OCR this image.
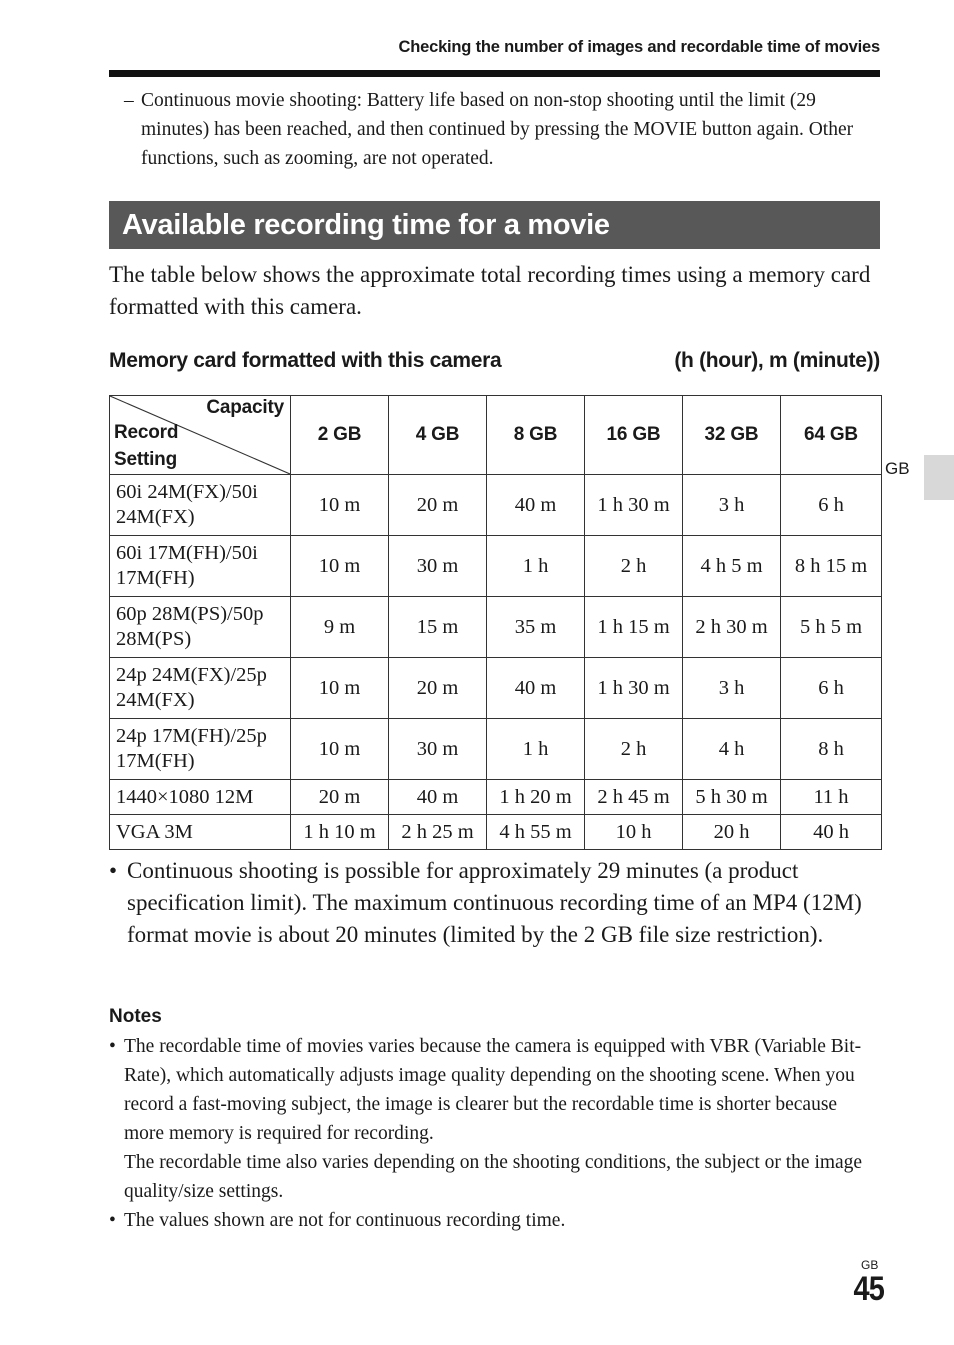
Checking the number of images and recordable time of movies
– Continuous movie shooting: Battery life based on non-stop shooting until the limit (29 minutes) has been reached, and then continued by pressing the MOVIE button again. Other functions, such as zooming, are not operated.
Available recording time for a movie
The table below shows the approximate total recording times using a memory card formatted with this camera.
Memory card formatted with this camera	(h (hour), m (minute))
Capacity
Record
Setting	2 GB	4 GB	8 GB	16 GB	32 GB	64 GB
60i 24M(FX)/50i 24M(FX)	10 m	20 m	40 m	1 h 30 m	3 h	6 h
60i 17M(FH)/50i 17M(FH)	10 m	30 m	1 h	2 h	4 h 5 m	8 h 15 m
60p 28M(PS)/50p 28M(PS)	9 m	15 m	35 m	1 h 15 m	2 h 30 m	5 h 5 m
24p 24M(FX)/25p 24M(FX)	10 m	20 m	40 m	1 h 30 m	3 h	6 h
24p 17M(FH)/25p 17M(FH)	10 m	30 m	1 h	2 h	4 h	8 h
1440×1080 12M	20 m	40 m	1 h 20 m	2 h 45 m	5 h 30 m	11 h
VGA 3M	1 h 10 m	2 h 25 m	4 h 55 m	10 h	20 h	40 h
• Continuous shooting is possible for approximately 29 minutes (a product specification limit). The maximum continuous recording time of an MP4 (12M) format movie is about 20 minutes (limited by the 2 GB file size restriction).
Notes
• The recordable time of movies varies because the camera is equipped with VBR (Variable Bit-Rate), which automatically adjusts image quality depending on the shooting scene. When you record a fast-moving subject, the image is clearer but the recordable time is shorter because more memory is required for recording.
The recordable time also varies depending on the shooting conditions, the subject or the image quality/size settings.
• The values shown are not for continuous recording time.
GB
GB
45
